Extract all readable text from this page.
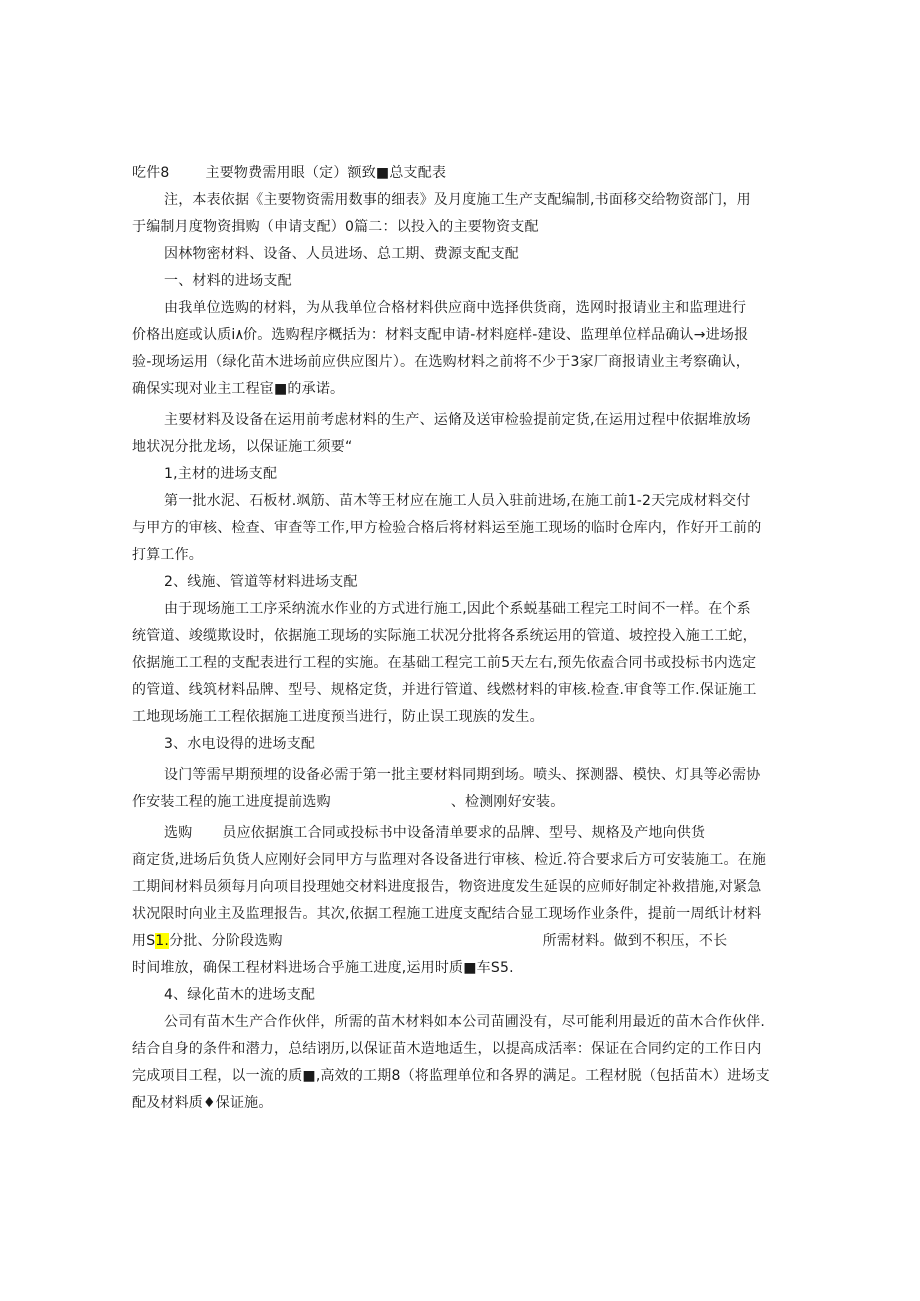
吃件8	主要物费需用眼（定）额致■总支配表
注，本表依据《主要物资需用数事的细表》及月度施工生产支配编制,书面移交给物资部门，用
于编制月度物资揖购（申请支配）0篇二：以投入的主要物资支配
因林物密材料、设备、人员进场、总工期、费源支配支配
一、材料的进场支配
由我单位选购的材料，为从我单位合格材料供应商中选择供货商，选网时报请业主和监理进行
价格出庭或认质i٨价。选购程序概括为：材料支配申请-材料庭样-建设、监理单位样品确认→进场报
验-现场运用（绿化苗木进场前应供应图片）。在选购材料之前将不少于3家厂商报请业主考察确认，
确保实现对业主工程宦■的承诺。
主要材料及设备在运用前考虑材料的生产、运脩及送审检验提前定货,在运用过程中依据堆放场
地状况分批龙场，以保证施工须要“
1,主材的进场支配
第一批水泥、石板材.飒筋、苗木等王材应在施工人员入驻前进场,在施工前1-2天完成材料交付
与甲方的审核、检查、审查等工作,甲方检验合格后将材料运至施工现场的临时仓库内，作好开工前的
打算工作。
2、线施、管道等材料进场支配
由于现场施工工序采纳流水作业的方式进行施工,因此个系蜕基础工程完工时间不一样。在个系
统管道、竣缆欺设时，依据施工现场的实际施工状况分批将各系统运用的管道、坡控投入施工工蛇，
依据施工工程的支配表进行工程的实施。在基础工程完工前5天左右,预先依盍合同书或投标书内选定
的管道、线筑材料品牌、型号、规格定货，并进行管道、线燃材料的审核.检查.审食等工作.保证施工
工地现场施工工程依据施工进度预当进行，防止误工现族的发生。
3、水电设得的进场支配
设门等需早期预埋的设备必需于第一批主要材料同期到场。喷头、探测器、模快、灯具等必需协
作安装工程的施工进度提前选购	、检测刚好安装。
选购 员应依据旗工合同或投标书中设备清单要求的品牌、型号、规格及产地向供货
商定货,进场后负货人应刚好会同甲方与监理对各设备进行审核、检近.符合要求后方可安装施工。在施
工期间材料员须每月向项目投理她交材料进度报告，物资进度发生延误的应师好制定补救措施,对紧急
状况限时向业主及监理报告。其次,依据工程施工进度支配结合显工现场作业条件，提前一周纸计材料
用S1.分批、分阶段选购	所需材料。做到不积压，不长
时间堆放，确保工程材料进场合乎施工进度,运用时质■车S5.
4、绿化苗木的进场支配
公司有苗木生产合作伙伴，所需的苗木材料如本公司苗圃没有，尽可能利用最近的苗木合作伙伴.
结合自身的条件和潜力，总结诩历,以保证苗木造地适生，以提高成活率：保证在合同约定的工作日内
完成项目工程，以一流的质■,高效的工期8（将监理单位和各界的满足。工程材脱（包括苗木）进场支
配及材料质♦保证施。
